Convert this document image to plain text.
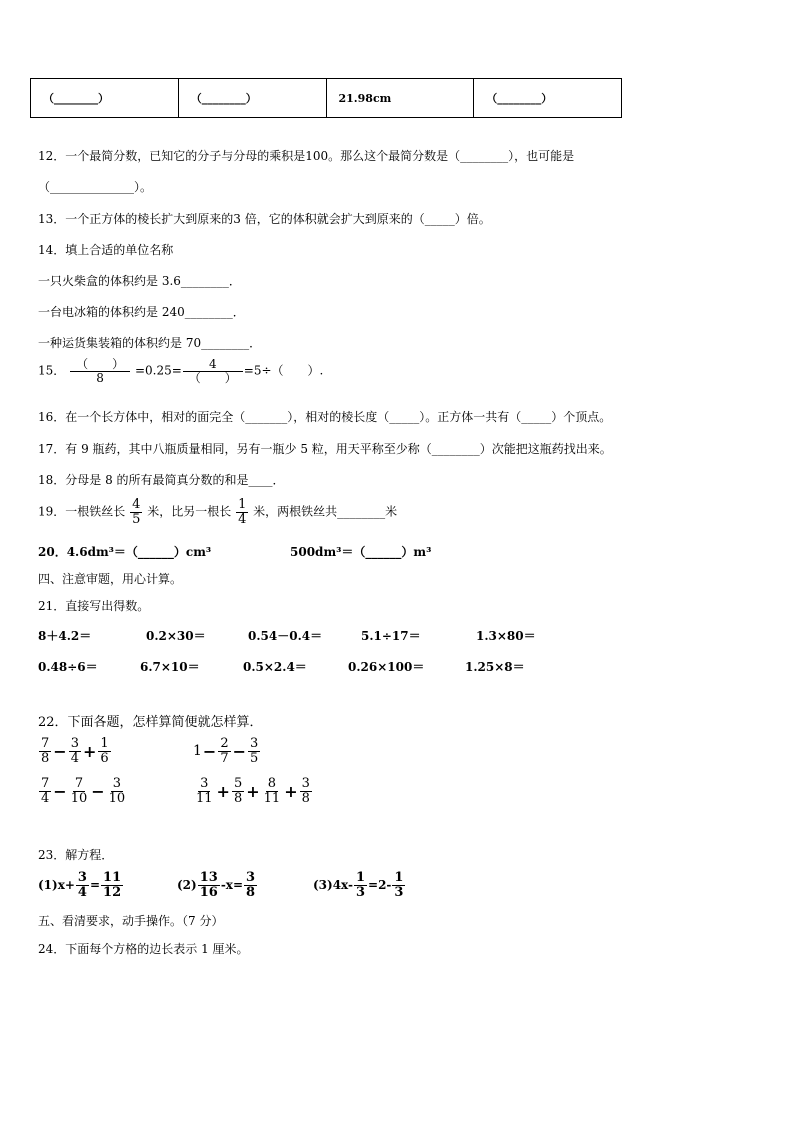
（________）	（________）	21.98cm	（________）
12．一个最简分数，已知它的分子与分母的乘积是100。那么这个最简分数是（________），也可能是
（______________）。
13．一个正方体的棱长扩大到原来的3 倍，它的体积就会扩大到原来的（_____）倍。
14．填上合适的单位名称
一只火柴盒的体积约是 3.6________．
一台电冰箱的体积约是 240________．
一种运货集装箱的体积约是 70________．
15． （　　）
8	=0.25=	4
（　　） =5÷（　　）.
16．在一个长方体中，相对的面完全（_______），相对的棱长度（_____）。正方体一共有（_____）个顶点。
17．有 9 瓶药，其中八瓶质量相同，另有一瓶少 5 粒，用天平称至少称（________）次能把这瓶药找出来。
18．分母是 8 的所有最简真分数的和是____．
19．一根铁丝长 $\frac{4}{5}$ 米，比另一根长 $\frac{1}{4}$ 米，两根铁丝共________米
20．4.6dm³＝（______）cm³	500dm³＝（______）m³
四、注意审题，用心计算。
21．直接写出得数。
8＋4.2＝	0.2×30＝	0.54－0.4＝	5.1÷17＝	1.3×80＝
0.48÷6＝	6.7×10＝	0.5×2.4＝	0.26×100＝	1.25×8＝
22．下面各题，怎样算简便就怎样算．
$\frac{7}{8} - \frac{3}{4} + \frac{1}{6}$	$1- \frac{2}{7} - \frac{3}{5}$
$\frac{7}{4} - \frac{7}{10} - \frac{3}{10}$	$\frac{3}{11} + \frac{5}{8} + \frac{8}{11} + \frac{3}{8}$
23．解方程．
$(1)x+ \frac{3}{4} = \frac{11}{12}$	$(2) \frac{13}{16} -x= \frac{3}{8}$	$(3)4x- \frac{1}{3} =2- \frac{1}{3}$
五、看清要求，动手操作。（7 分）
24．下面每个方格的边长表示 1 厘米。
